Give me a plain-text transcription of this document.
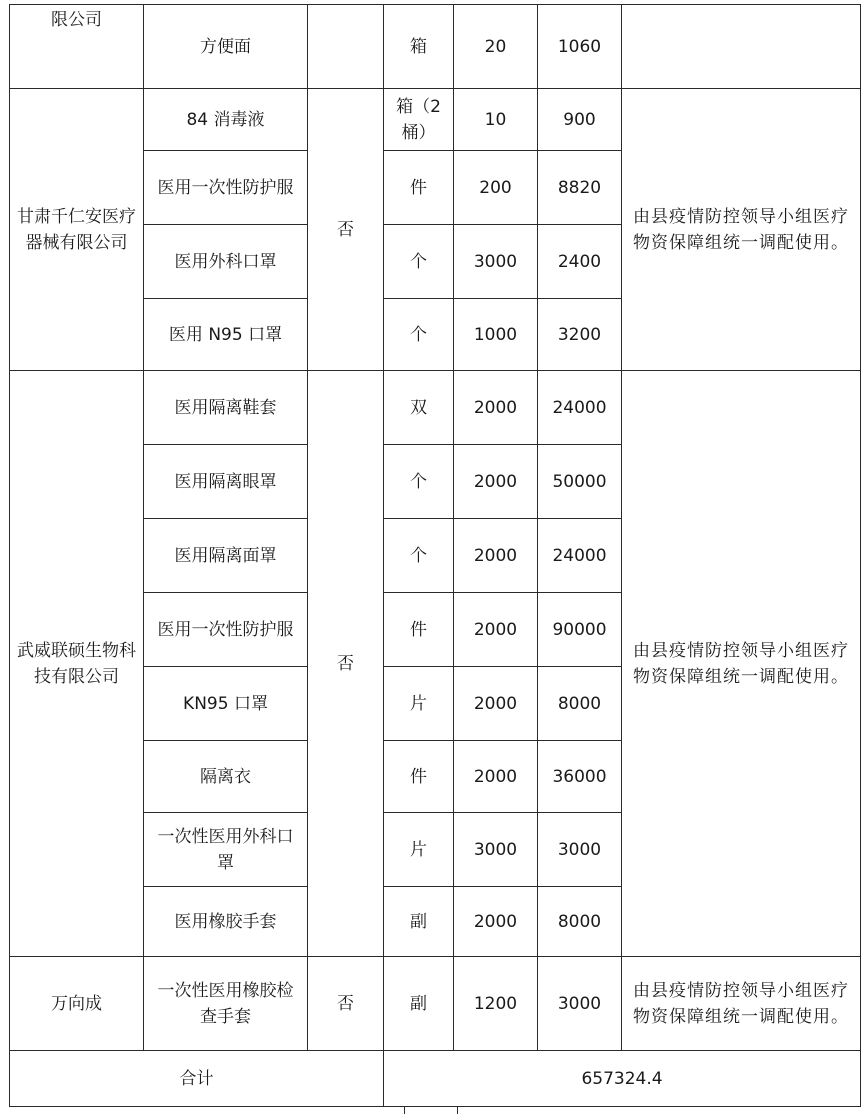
限公司	方便面		箱	20	1060	
甘肃千仁安医疗器械有限公司	84 消毒液	否	箱（2桶）	10	900	由县疫情防控领导小组医疗物资保障组统一调配使用。
	医用一次性防护服		件	200	8820	
	医用外科口罩		个	3000	2400	
	医用 N95 口罩		个	1000	3200	
武威联硕生物科技有限公司	医用隔离鞋套	否	双	2000	24000	由县疫情防控领导小组医疗物资保障组统一调配使用。
	医用隔离眼罩		个	2000	50000	
	医用隔离面罩		个	2000	24000	
	医用一次性防护服		件	2000	90000	
	KN95 口罩		片	2000	8000	
	隔离衣		件	2000	36000	
	一次性医用外科口罩		片	3000	3000	
	医用橡胶手套		副	2000	8000	
万向成	一次性医用橡胶检查手套	否	副	1200	3000	由县疫情防控领导小组医疗物资保障组统一调配使用。
合计			657324.4			
